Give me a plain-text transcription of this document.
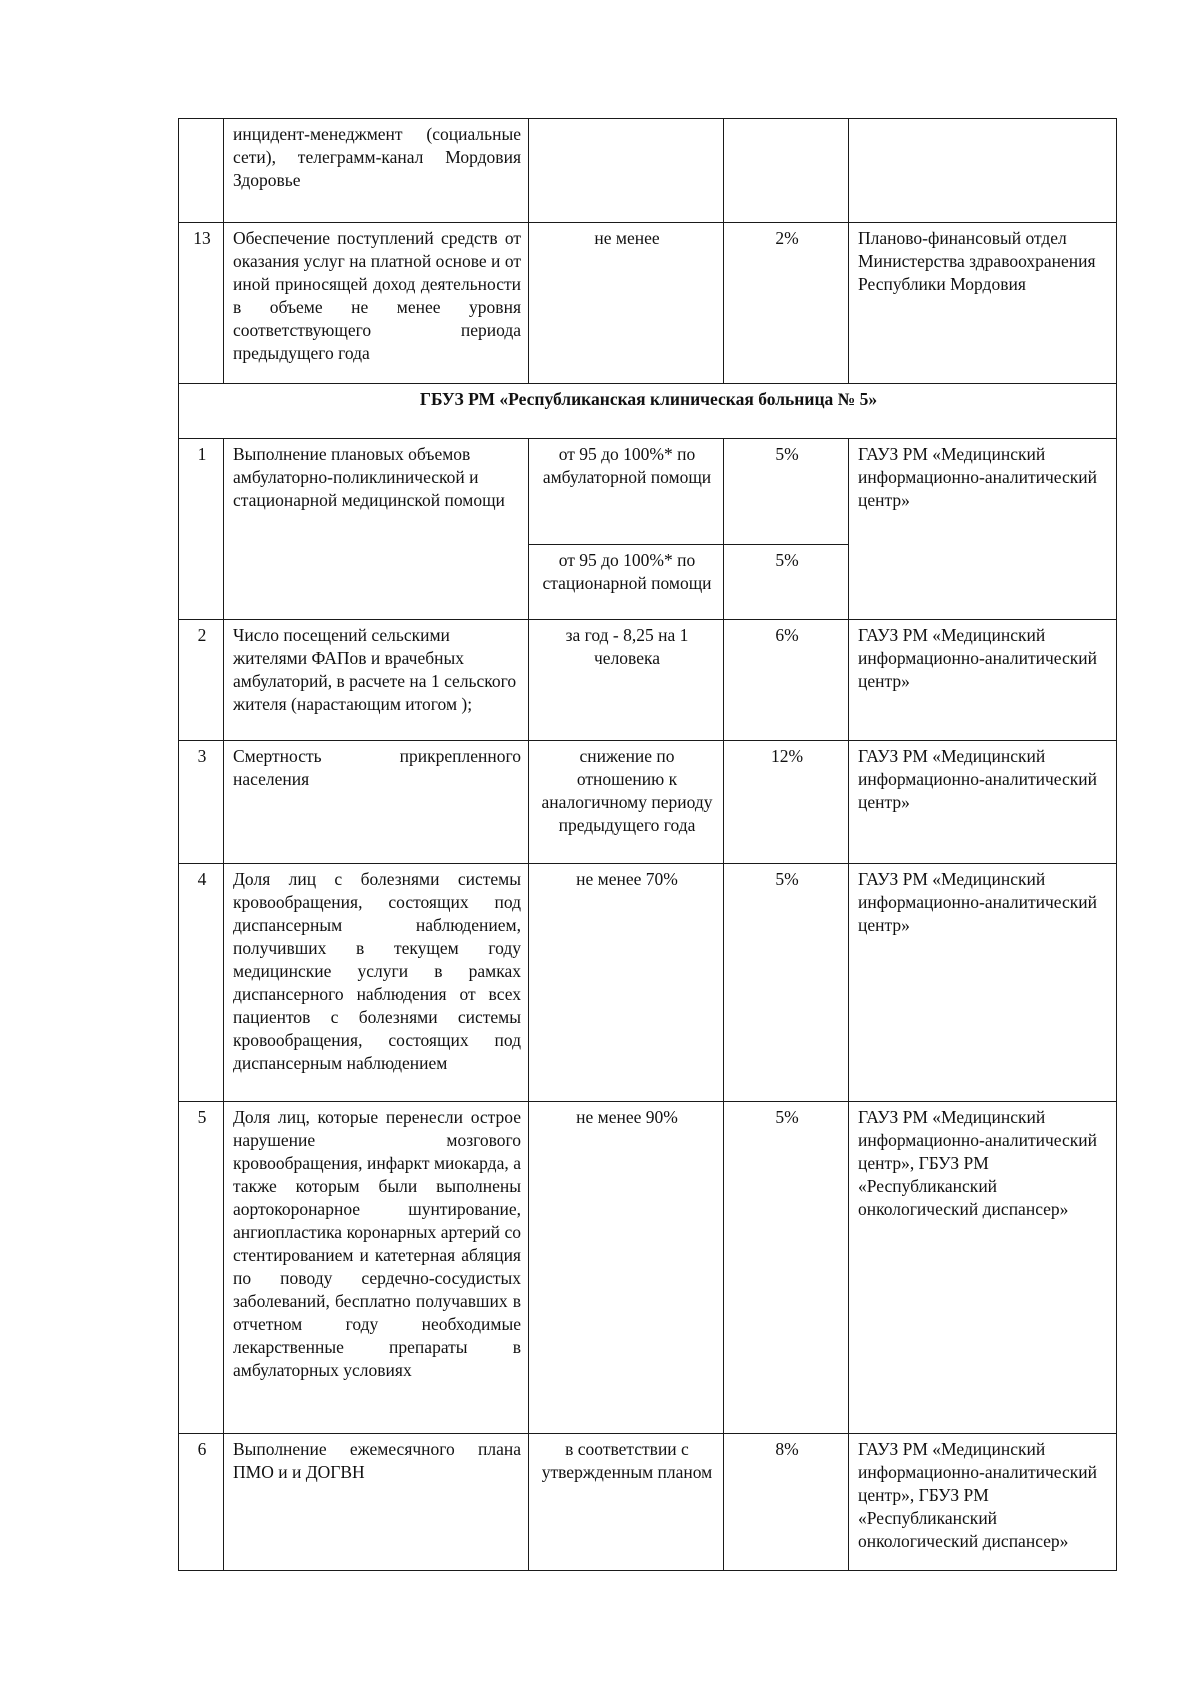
	инцидент-менеджмент (социальные сети), телеграмм-канал Мордовия Здоровье			
13	Обеспечение поступлений средств от оказания услуг на платной основе и от иной приносящей доход деятельности в объеме не менее уровня соответствующего периода предыдущего года	не менее	2%	Планово-финансовый отдел Министерства здравоохранения Республики Мордовия
ГБУЗ РМ «Республиканская клиническая больница № 5»				
1	Выполнение плановых объемов амбулаторно-поликлинической и стационарной медицинской помощи	от 95 до 100%* по амбулаторной помощи	5%	ГАУЗ РМ «Медицинский информационно-аналитический центр»
		от 95 до 100%* по стационарной помощи	5%	
2	Число посещений сельскими жителями ФАПов и врачебных амбулаторий, в расчете на 1 сельского жителя (нарастающим итогом );	за год - 8,25 на 1 человека	6%	ГАУЗ РМ «Медицинский информационно-аналитический центр»
3	Смертность прикрепленного населения	снижение по отношению к аналогичному периоду предыдущего года	12%	ГАУЗ РМ «Медицинский информационно-аналитический центр»
4	Доля лиц с болезнями системы кровообращения, состоящих под диспансерным наблюдением, получивших в текущем году медицинские услуги в рамках диспансерного наблюдения от всех пациентов с болезнями системы кровообращения, состоящих под диспансерным наблюдением	не менее 70%	5%	ГАУЗ РМ «Медицинский информационно-аналитический центр»
5	Доля лиц, которые перенесли острое нарушение мозгового кровообращения, инфаркт миокарда, а также которым были выполнены аортокоронарное шунтирование, ангиопластика коронарных артерий со стентированием и катетерная абляция по поводу сердечно-сосудистых заболеваний, бесплатно получавших в отчетном году необходимые лекарственные препараты в амбулаторных условиях	не менее 90%	5%	ГАУЗ РМ «Медицинский информационно-аналитический центр», ГБУЗ РМ «Республиканский онкологический диспансер»
6	Выполнение ежемесячного плана ПМО и и ДОГВН	в соответствии с утвержденным планом	8%	ГАУЗ РМ «Медицинский информационно-аналитический центр», ГБУЗ РМ «Республиканский онкологический диспансер»
